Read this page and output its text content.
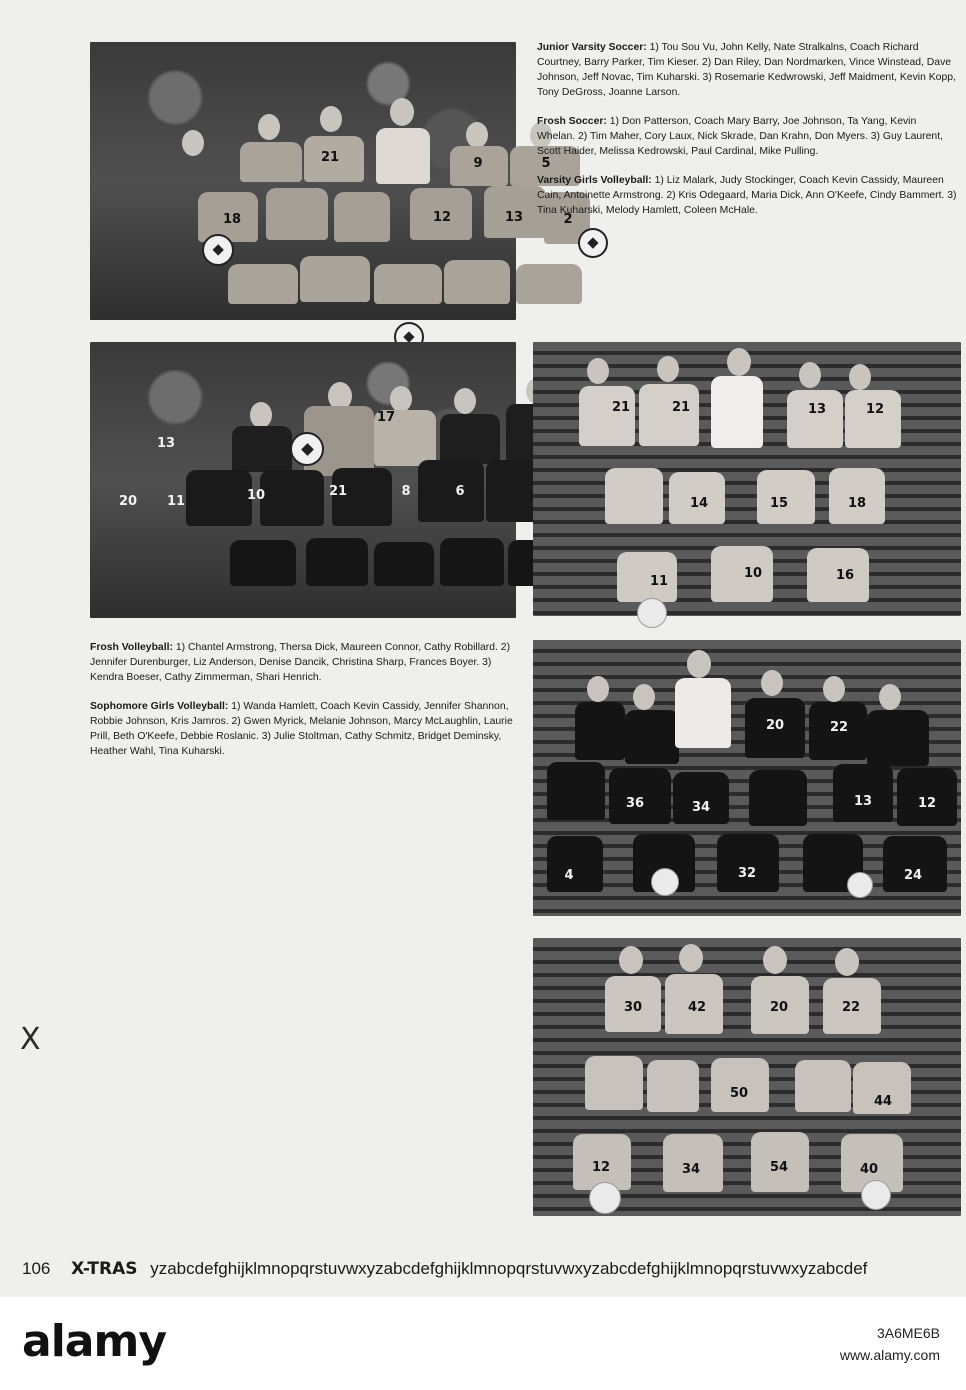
21	9	5
18	12	13	2
17
13
20	11	10	21	8	6
21	21	13	12
14	15	18
11
10	16
20	22
36	34	13	12
4	32	24
30	42	20	22
50
44
12	34	54	40

Junior Varsity Soccer: 1) Tou Sou Vu, John Kelly, Nate Stralkalns, Coach Richard Courtney, Barry Parker, Tim Kieser. 2) Dan Riley, Dan Nordmarken, Vince Winstead, Dave Johnson, Jeff Novac, Tim Kuharski. 3) Rosemarie Kedwrowski, Jeff Maidment, Kevin Kopp, Tony DeGross, Joanne Larson.

Frosh Soccer: 1) Don Patterson, Coach Mary Barry, Joe Johnson, Ta Yang, Kevin Whelan. 2) Tim Maher, Cory Laux, Nick Skrade, Dan Krahn, Don Myers. 3) Guy Laurent, Scott Haider, Melissa Kedrowski, Paul Cardinal, Mike Pulling.

Varsity Girls Volleyball: 1) Liz Malark, Judy Stockinger, Coach Kevin Cassidy, Maureen Cain, Antoinette Armstrong. 2) Kris Odegaard, Maria Dick, Ann O'Keefe, Cindy Bammert. 3) Tina Kuharski, Melody Hamlett, Coleen McHale.

Frosh Volleyball: 1) Chantel Armstrong, Thersa Dick, Maureen Connor, Cathy Robillard. 2) Jennifer Durenburger, Liz Anderson, Denise Dancik, Christina Sharp, Frances Boyer. 3) Kendra Boeser, Cathy Zimmerman, Shari Henrich.

Sophomore Girls Volleyball: 1) Wanda Hamlett, Coach Kevin Cassidy, Jennifer Shannon, Robbie Johnson, Kris Jamros. 2) Gwen Myrick, Melanie Johnson, Marcy McLaughlin, Laurie Prill, Beth O'Keefe, Debbie Roslanic. 3) Julie Stoltman, Cathy Schmitz, Bridget Deminsky, Heather Wahl, Tina Kuharski.

X
106 X-TRAS yzabcdefghijklmnopqrstuvwxyzabcdefghijklmnopqrstuvwxyzabcdefghijklmnopqrstuvwxyzabcdef
alamy	3A6ME6B
www.alamy.com
